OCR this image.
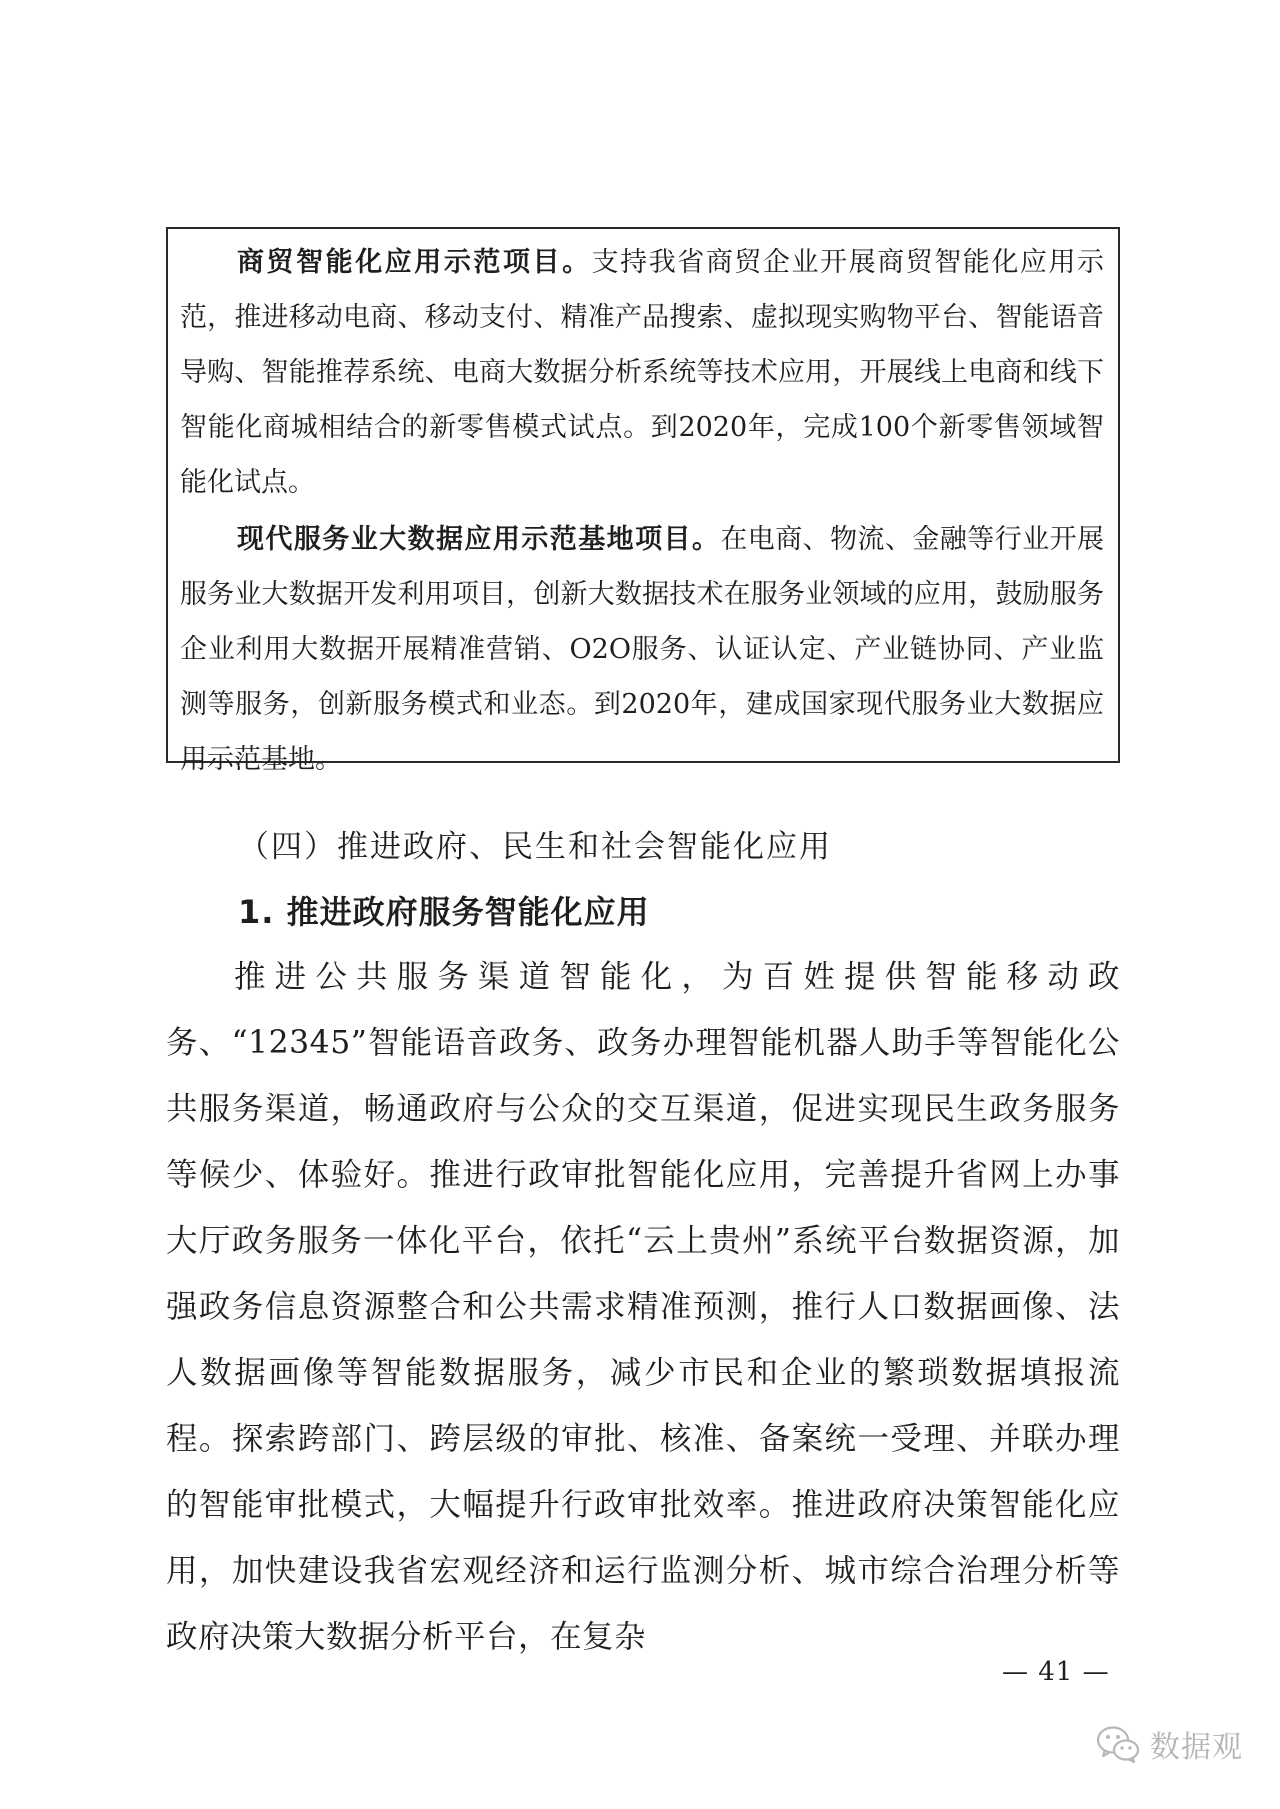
商贸智能化应用示范项目。支持我省商贸企业开展商贸智能化应用示范，推进移动电商、移动支付、精准产品搜索、虚拟现实购物平台、智能语音导购、智能推荐系统、电商大数据分析系统等技术应用，开展线上电商和线下智能化商城相结合的新零售模式试点。到2020年，完成100个新零售领域智能化试点。

现代服务业大数据应用示范基地项目。在电商、物流、金融等行业开展服务业大数据开发利用项目，创新大数据技术在服务业领域的应用，鼓励服务企业利用大数据开展精准营销、O2O服务、认证认定、产业链协同、产业监测等服务，创新服务模式和业态。到2020年，建成国家现代服务业大数据应用示范基地。

（四）推进政府、民生和社会智能化应用

1. 推进政府服务智能化应用

推进公共服务渠道智能化，为百姓提供智能移动政务、“12345”智能语音政务、政务办理智能机器人助手等智能化公共服务渠道，畅通政府与公众的交互渠道，促进实现民生政务服务等候少、体验好。推进行政审批智能化应用，完善提升省网上办事大厅政务服务一体化平台，依托“云上贵州”系统平台数据资源，加强政务信息资源整合和公共需求精准预测，推行人口数据画像、法人数据画像等智能数据服务，减少市民和企业的繁琐数据填报流程。探索跨部门、跨层级的审批、核准、备案统一受理、并联办理的智能审批模式，大幅提升行政审批效率。推进政府决策智能化应用，加快建设我省宏观经济和运行监测分析、城市综合治理分析等政府决策大数据分析平台，在复杂

— 41 —

数据观
